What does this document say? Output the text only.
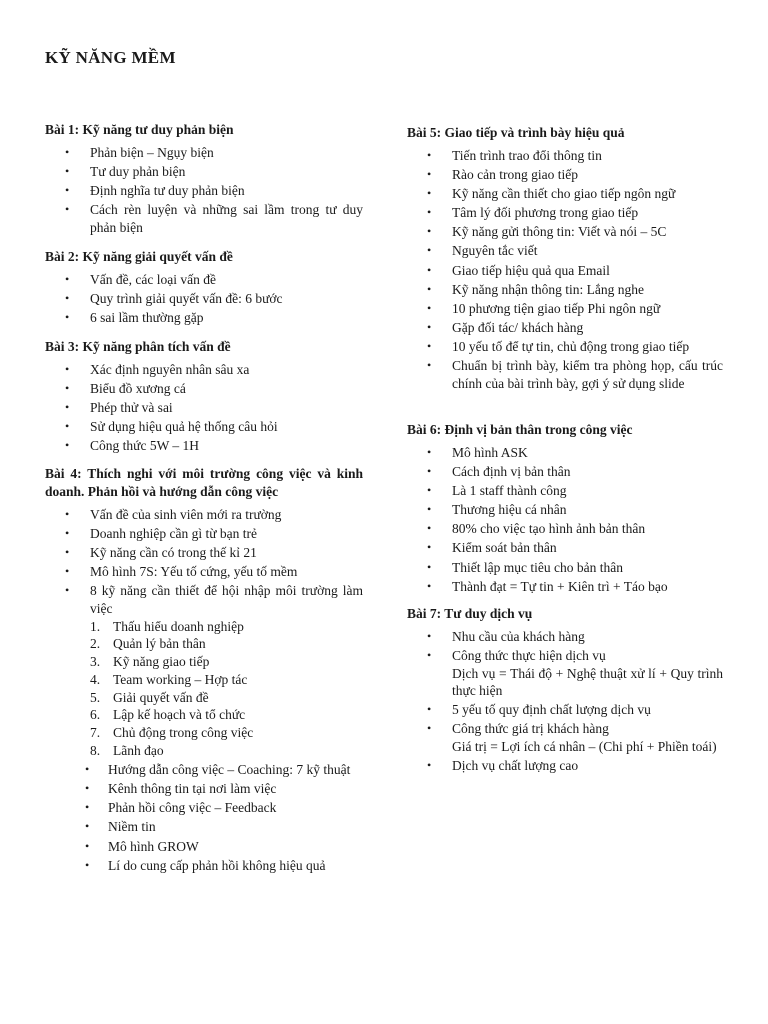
KỸ NĂNG MỀM
Bài 1: Kỹ năng tư duy phản biện
• Phản biện – Ngụy biện
• Tư duy phản biện
• Định nghĩa tư duy phản biện
• Cách rèn luyện và những sai lầm trong tư duy phản biện
Bài 2: Kỹ năng giải quyết vấn đề
• Vấn đề, các loại vấn đề
• Quy trình giải quyết vấn đề: 6 bước
• 6 sai lầm thường gặp
Bài 3: Kỹ năng phân tích vấn đề
• Xác định nguyên nhân sâu xa
• Biểu đồ xương cá
• Phép thử và sai
• Sử dụng hiệu quả hệ thống câu hỏi
• Công thức 5W – 1H
Bài 4: Thích nghi với môi trường công việc và kinh doanh. Phản hồi và hướng dẫn công việc
• Vấn đề của sinh viên mới ra trường
• Doanh nghiệp cần gì từ bạn trẻ
• Kỹ năng cần có trong thế kỉ 21
• Mô hình 7S: Yếu tố cứng, yếu tố mềm
• 8 kỹ năng cần thiết để hội nhập môi trường làm việc
1. Thấu hiểu doanh nghiệp
2. Quản lý bản thân
3. Kỹ năng giao tiếp
4. Team working – Hợp tác
5. Giải quyết vấn đề
6. Lập kế hoạch và tổ chức
7. Chủ động trong công việc
8. Lãnh đạo
• Hướng dẫn công việc – Coaching: 7 kỹ thuật
• Kênh thông tin tại nơi làm việc
• Phản hồi công việc – Feedback
• Niềm tin
• Mô hình GROW
• Lí do cung cấp phản hồi không hiệu quả
Bài 5: Giao tiếp và trình bày hiệu quả
• Tiến trình trao đổi thông tin
• Rào cản trong giao tiếp
• Kỹ năng cần thiết cho giao tiếp ngôn ngữ
• Tâm lý đối phương trong giao tiếp
• Kỹ năng gửi thông tin: Viết và nói – 5C
• Nguyên tắc viết
• Giao tiếp hiệu quả qua Email
• Kỹ năng nhận thông tin: Lắng nghe
• 10 phương tiện giao tiếp Phi ngôn ngữ
• Gặp đối tác/ khách hàng
• 10 yếu tố để tự tin, chủ động trong giao tiếp
• Chuẩn bị trình bày, kiểm tra phòng họp, cấu trúc chính của bài trình bày, gợi ý sử dụng slide
Bài 6: Định vị bản thân trong công việc
• Mô hình ASK
• Cách định vị bản thân
• Là 1 staff thành công
• Thương hiệu cá nhân
• 80% cho việc tạo hình ảnh bản thân
• Kiểm soát bản thân
• Thiết lập mục tiêu cho bản thân
• Thành đạt = Tự tin + Kiên trì + Táo bạo
Bài 7: Tư duy dịch vụ
• Nhu cầu của khách hàng
• Công thức thực hiện dịch vụ
Dịch vụ = Thái độ + Nghệ thuật xử lí + Quy trình thực hiện
• 5 yếu tố quy định chất lượng dịch vụ
• Công thức giá trị khách hàng
Giá trị = Lợi ích cá nhân – (Chi phí + Phiền toái)
• Dịch vụ chất lượng cao
